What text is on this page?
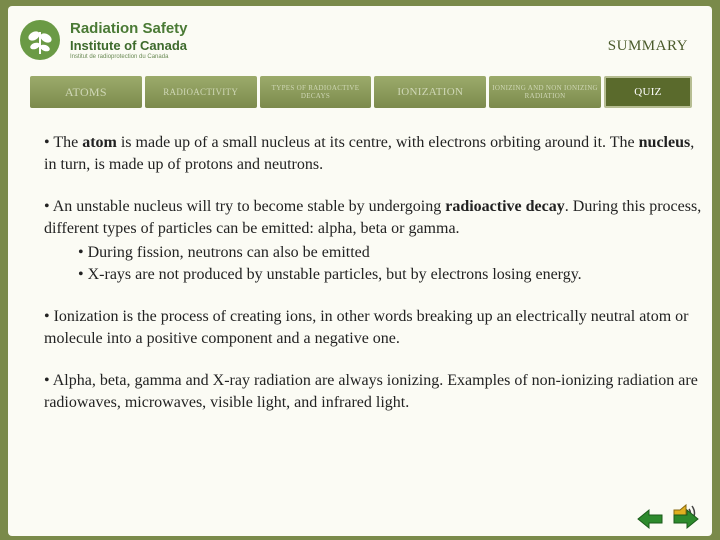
Radiation Safety
Institute of Canada
Institut de radioprotection du Canada
SUMMARY
ATOMS	RADIOACTIVITY	TYPES OF RADIOACTIVE DECAYS	IONIZATION	IONIZING AND NON IONIZING RADIATION	QUIZ

• The atom is made up of a small nucleus at its centre, with electrons orbiting around it. The nucleus, in turn, is made up of protons and neutrons.

• An unstable nucleus will try to become stable by undergoing radioactive decay. During this process, different types of particles can be emitted: alpha, beta or gamma.

• During fission, neutrons can also be emitted
• X-rays are not produced by unstable particles, but by electrons losing energy.

• Ionization is the process of creating ions, in other words breaking up an electrically neutral atom or molecule into a positive component and a negative one.

• Alpha, beta, gamma and X-ray radiation are always ionizing. Examples of non-ionizing radiation are radiowaves, microwaves, visible light, and infrared light.
